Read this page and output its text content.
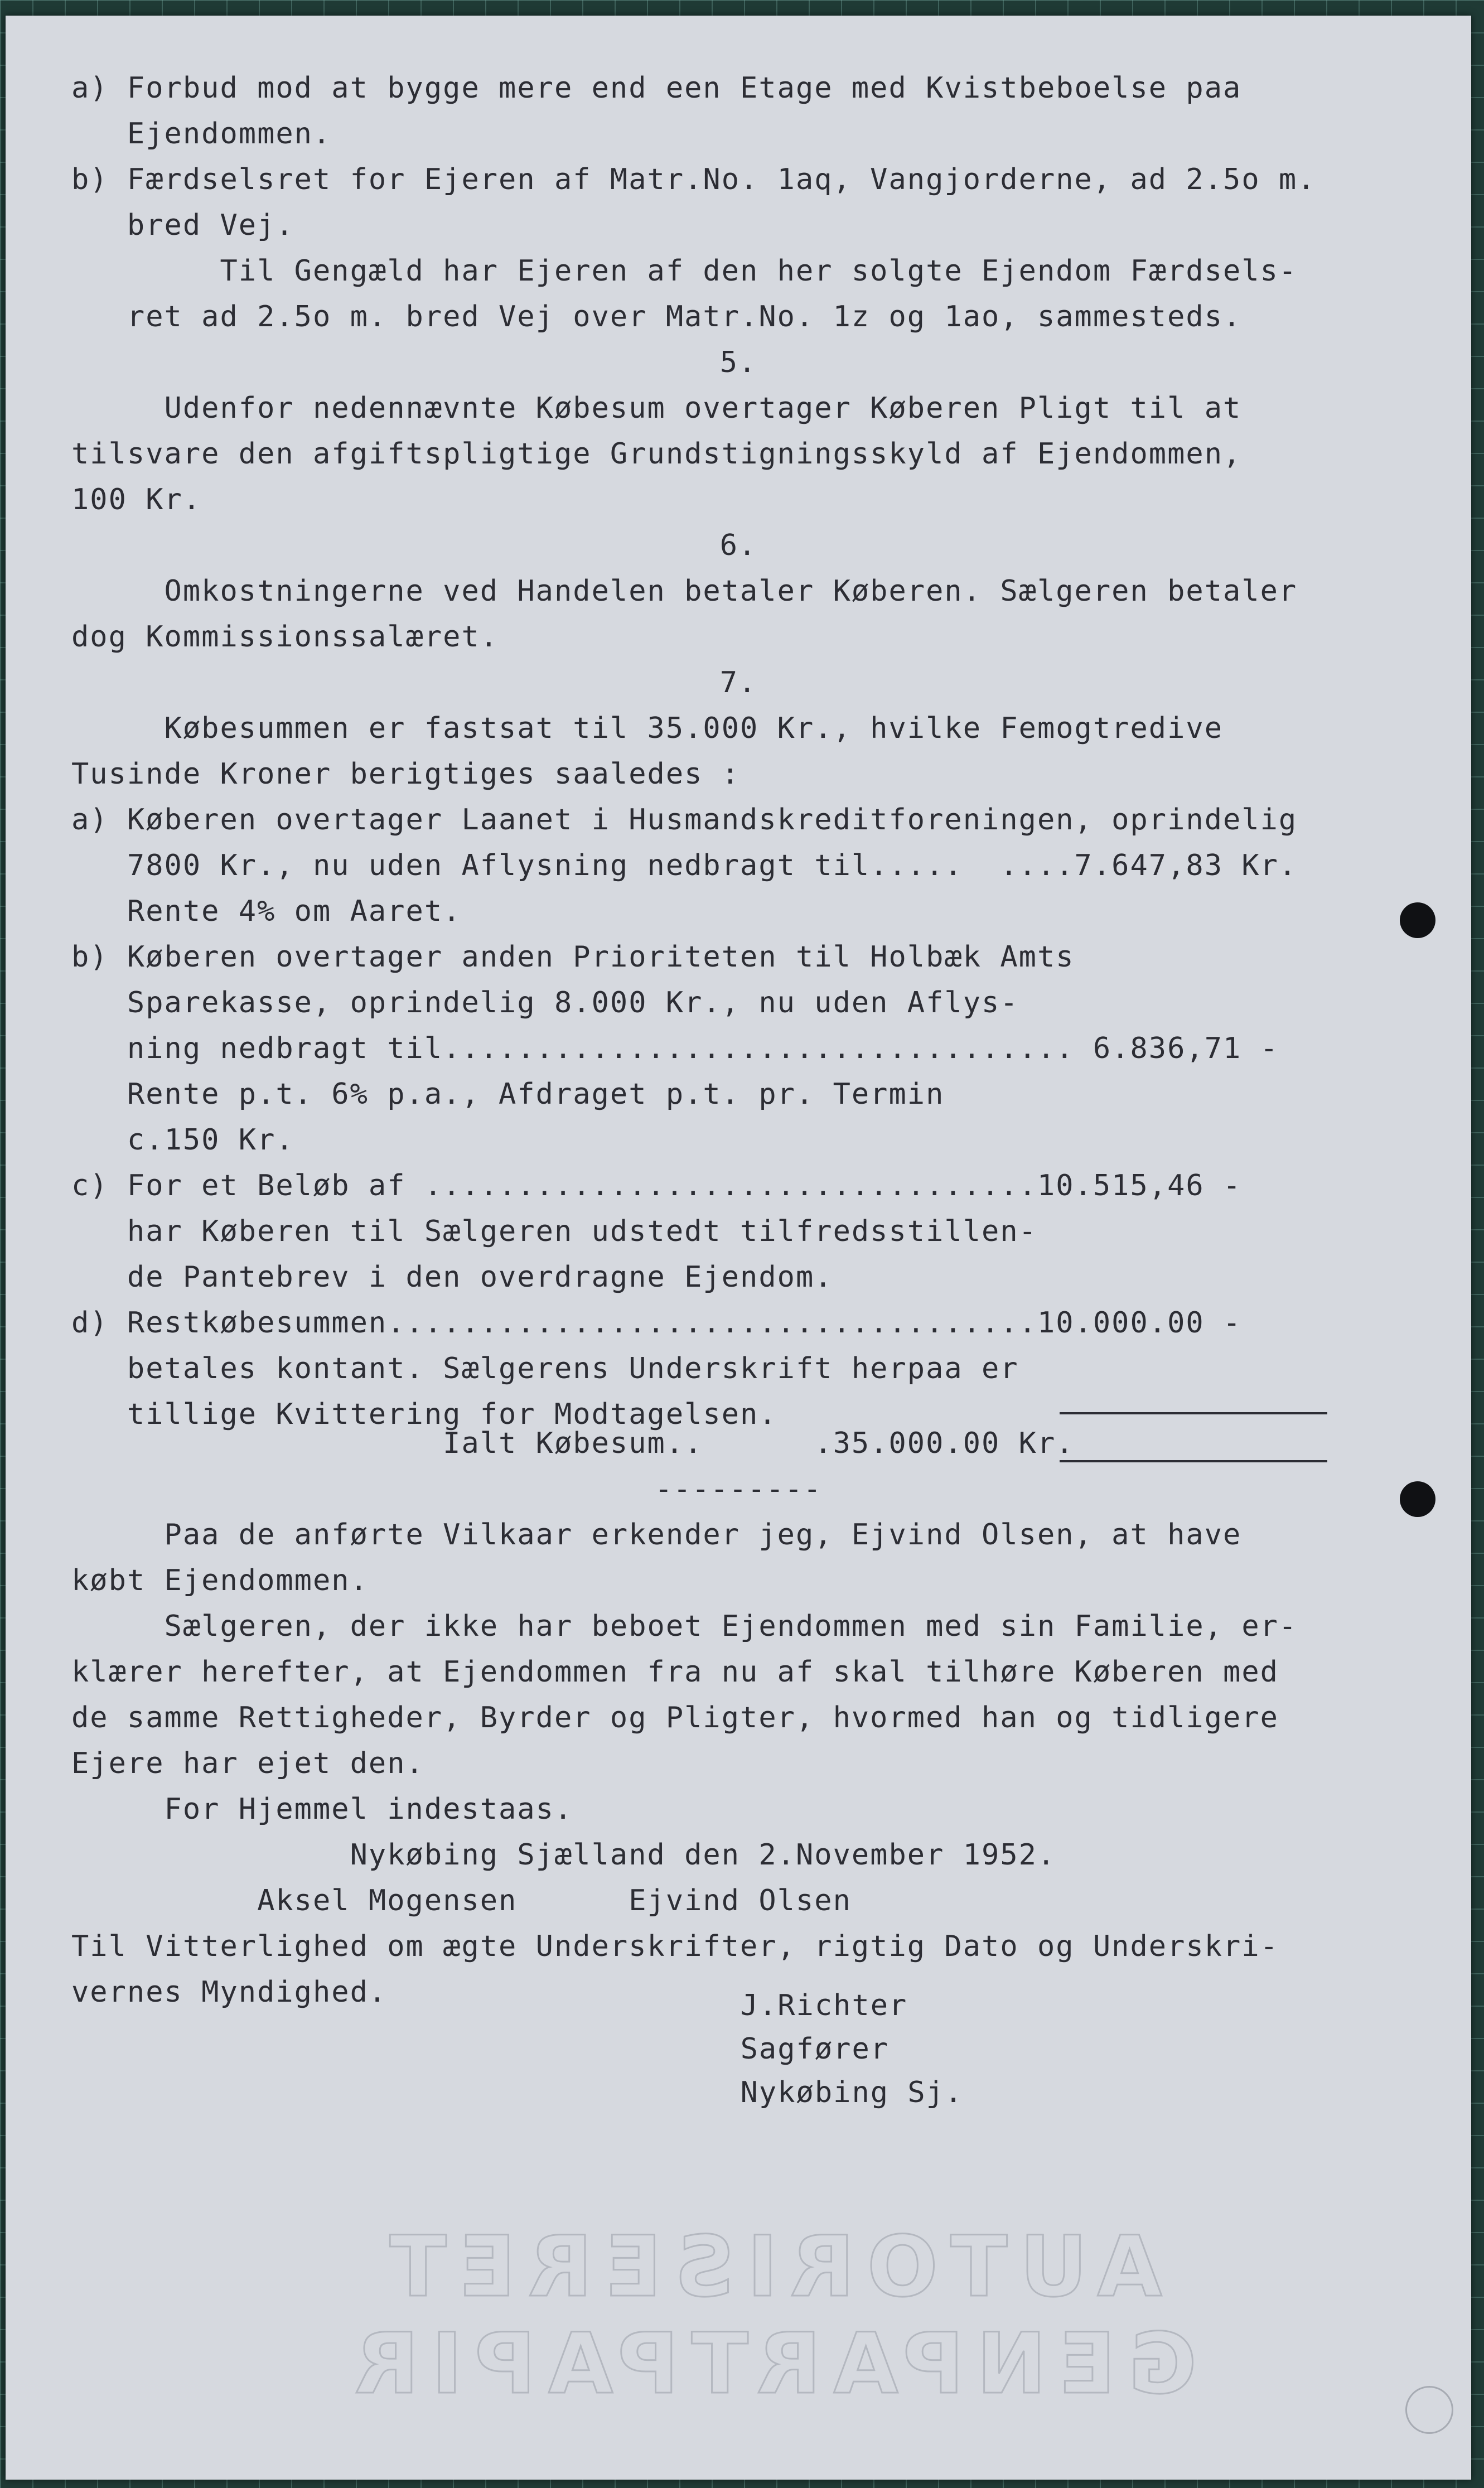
a) Forbud mod at bygge mere end een Etage med Kvistbeboelse paa
Ejendommen.
b) Færdselsret for Ejeren af Matr.No. 1aq, Vangjorderne, ad 2.5o m.
bred Vej.
Til Gengæld har Ejeren af den her solgte Ejendom Færdsels-
ret ad 2.5o m. bred Vej over Matr.No. 1z og 1ao, sammesteds.
5.
Udenfor nedennævnte Købesum overtager Køberen Pligt til at
tilsvare den afgiftspligtige Grundstigningsskyld af Ejendommen,
100 Kr.
6.
Omkostningerne ved Handelen betaler Køberen. Sælgeren betaler
dog Kommissionssalæret.
7.
Købesummen er fastsat til 35.000 Kr., hvilke Femogtredive
Tusinde Kroner berigtiges saaledes :
a) Køberen overtager Laanet i Husmandskreditforeningen, oprindelig
7800 Kr., nu uden Aflysning nedbragt til.....  ....7.647,83 Kr.
Rente 4% om Aaret.
b) Køberen overtager anden Prioriteten til Holbæk Amts
Sparekasse, oprindelig 8.000 Kr., nu uden Aflys-
ning nedbragt til.................................. 6.836,71 -
Rente p.t. 6% p.a., Afdraget p.t. pr. Termin
c.150 Kr.
c) For et Beløb af .................................10.515,46 -
har Køberen til Sælgeren udstedt tilfredsstillen-
de Pantebrev i den overdragne Ejendom.
d) Restkøbesummen...................................10.000.00 -
betales kontant. Sælgerens Underskrift herpaa er
tillige Kvittering for Modtagelsen.
Ialt Købesum..      .35.000.00 Kr.
---------
Paa de anførte Vilkaar erkender jeg, Ejvind Olsen, at have
købt Ejendommen.
Sælgeren, der ikke har beboet Ejendommen med sin Familie, er-
klærer herefter, at Ejendommen fra nu af skal tilhøre Køberen med
de samme Rettigheder, Byrder og Pligter, hvormed han og tidligere
Ejere har ejet den.
For Hjemmel indestaas.
Nykøbing Sjælland den 2.November 1952.
Aksel Mogensen      Ejvind Olsen
Til Vitterlighed om ægte Underskrifter, rigtig Dato og Underskri-
vernes Myndighed.	J.Richter
Sagfører
Nykøbing Sj.
AUTORISERET GENPARTPAPIR
